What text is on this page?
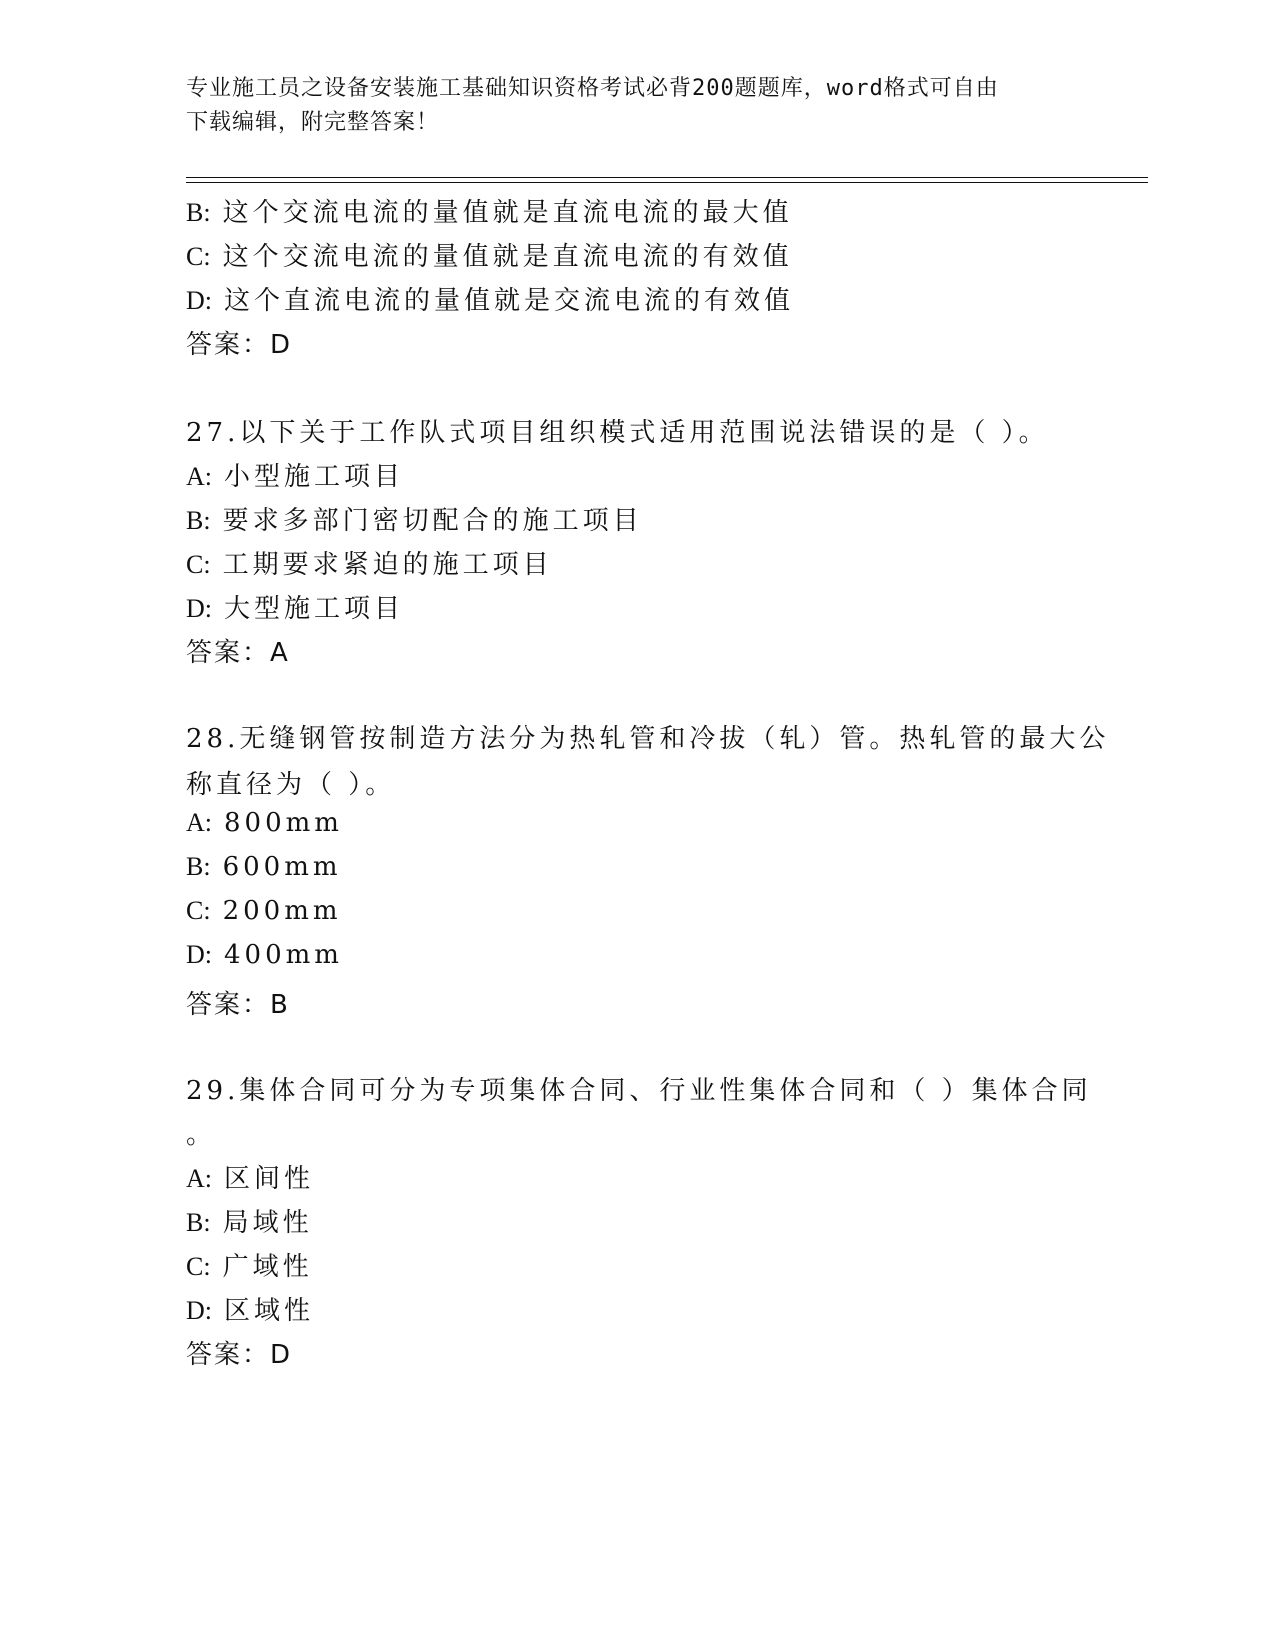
专业施工员之设备安装施工基础知识资格考试必背200题题库，word格式可自由
下载编辑，附完整答案！
B: 这个交流电流的量值就是直流电流的最大值
C: 这个交流电流的量值就是直流电流的有效值
D: 这个直流电流的量值就是交流电流的有效值
答案：D
27.以下关于工作队式项目组织模式适用范围说法错误的是（ ）。
A: 小型施工项目
B: 要求多部门密切配合的施工项目
C: 工期要求紧迫的施工项目
D: 大型施工项目
答案：A
28.无缝钢管按制造方法分为热轧管和冷拔（轧）管。热轧管的最大公
称直径为（ ）。
A: 800mm
B: 600mm
C: 200mm
D: 400mm
答案：B
29.集体合同可分为专项集体合同、行业性集体合同和（ ）集体合同
。
A: 区间性
B: 局域性
C: 广域性
D: 区域性
答案：D
